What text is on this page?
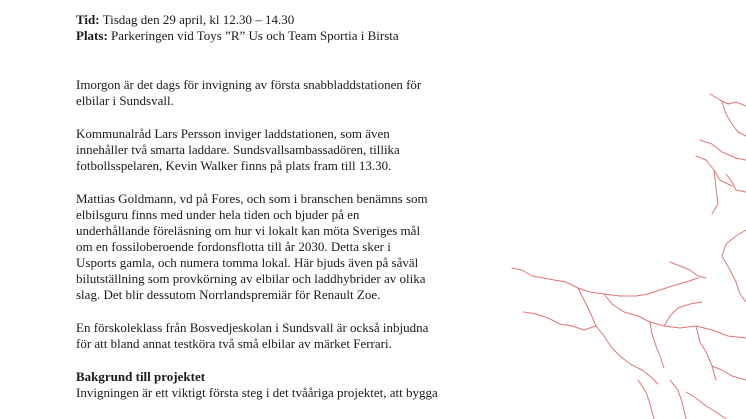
Tid: Tisdag den 29 april, kl 12.30 – 14.30

Plats: Parkeringen vid Toys ”R” Us och Team Sportia i Birsta

Imorgon är det dags för invigning av första snabbladdstationen för
elbilar i Sundsvall.

Kommunalråd Lars Persson inviger laddstationen, som även
innehåller två smarta laddare. Sundsvallsambassadören, tillika
fotbollsspelaren, Kevin Walker finns på plats fram till 13.30.

Mattias Goldmann, vd på Fores, och som i branschen benämns som
elbilsguru finns med under hela tiden och bjuder på en
underhållande föreläsning om hur vi lokalt kan möta Sveriges mål
om en fossiloberoende fordonsflotta till år 2030. Detta sker i
Usports gamla, och numera tomma lokal. Här bjuds även på såväl
bilutställning som provkörning av elbilar och laddhybrider av olika
slag. Det blir dessutom Norrlandspremiär för Renault Zoe.

En förskoleklass från Bosvedjeskolan i Sundsvall är också inbjudna
för att bland annat testköra två små elbilar av märket Ferrari.

Bakgrund till projektet

Invigningen är ett viktigt första steg i det tvååriga projektet, att bygga
